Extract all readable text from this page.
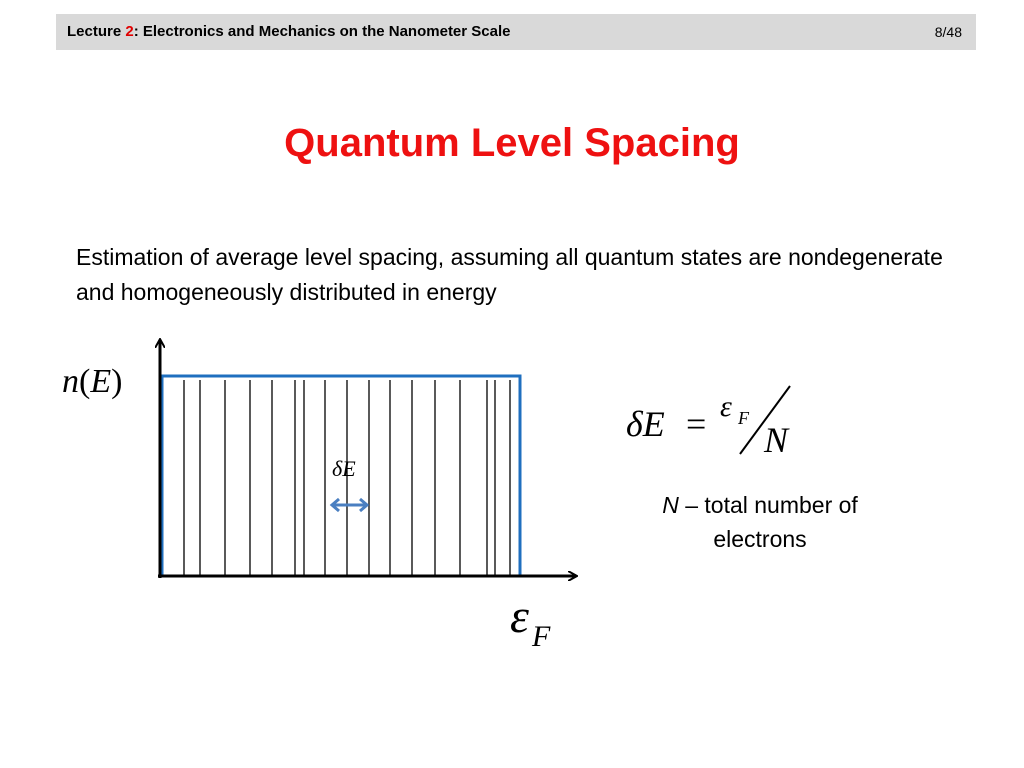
Lecture 2: Electronics and Mechanics on the Nanometer Scale	8/48
Quantum Level Spacing
Estimation of average level spacing, assuming all quantum states are nondegenerate and homogeneously distributed in energy
n(E)
δE
ε F
δE = ε F
N
N – total number of electrons
